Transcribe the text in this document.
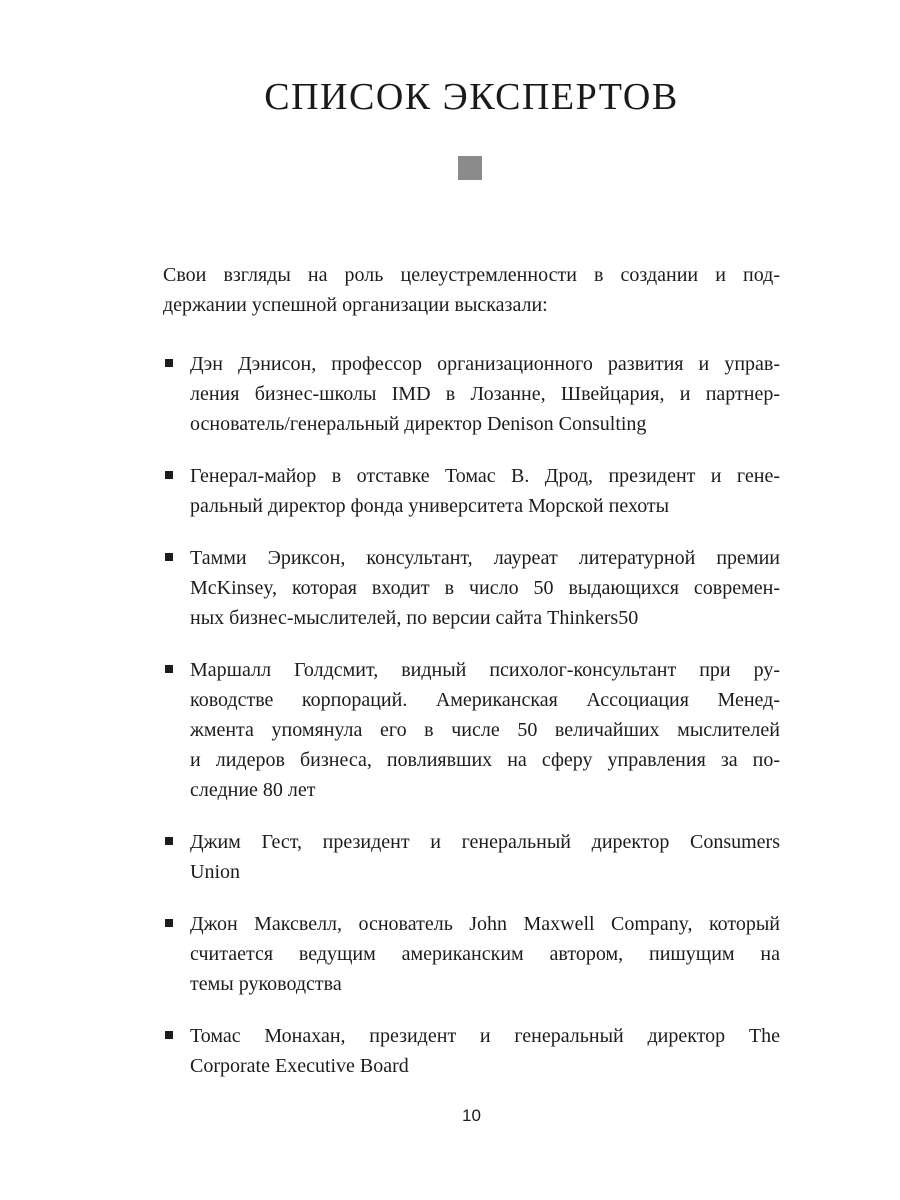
СПИСОК ЭКСПЕРТОВ
Свои взгляды на роль целеустремленности в создании и под-
держании успешной организации высказали:
Дэн Дэнисон, профессор организационного развития и управ-
ления бизнес-школы IMD в Лозанне, Швейцария, и партнер-
основатель/генеральный директор Denison Consulting
Генерал-майор в отставке Томас В. Дрод, президент и гене-
ральный директор фонда университета Морской пехоты
Тамми Эриксон, консультант, лауреат литературной премии
McKinsey, которая входит в число 50 выдающихся современ-
ных бизнес-мыслителей, по версии сайта Thinkers50
Маршалл Голдсмит, видный психолог-консультант при ру-
ководстве корпораций. Американская Ассоциация Менед-
жмента упомянула его в числе 50 величайших мыслителей
и лидеров бизнеса, повлиявших на сферу управления за по-
следние 80 лет
Джим Гест, президент и генеральный директор Consumers
Union
Джон Максвелл, основатель John Maxwell Company, который
считается ведущим американским автором, пишущим на
темы руководства
Томас Монахан, президент и генеральный директор The
Corporate Executive Board
10
